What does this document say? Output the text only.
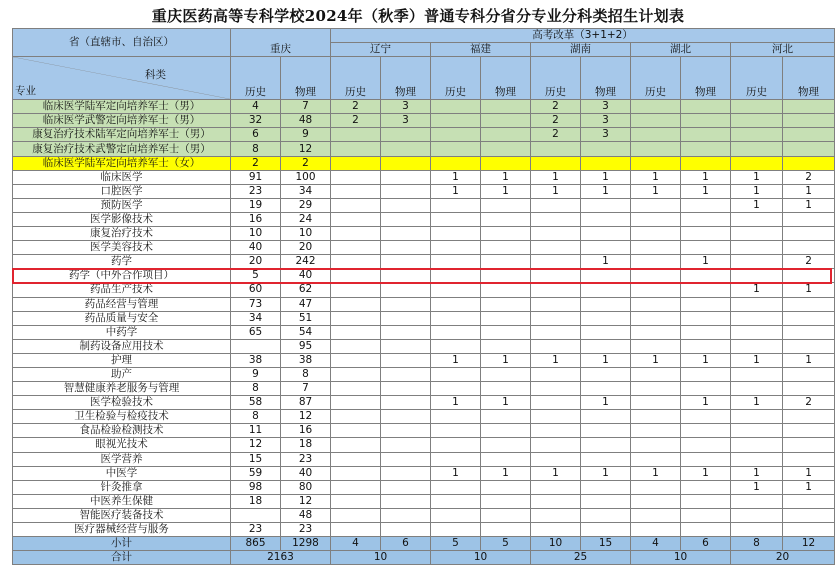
重庆医药高等专科学校2024年（秋季）普通专科分省分专业分科类招生计划表
省（直辖市、自治区）	重庆		高考改革（3+1+2）									
			辽宁		福建		湖南		湖北		河北	

科类
专业	历史	物理	历史	物理	历史	物理	历史	物理	历史	物理	历史	物理
临床医学陆军定向培养军士（男）	4	7	2	3			2	3				
临床医学武警定向培养军士（男）	32	48	2	3			2	3				
康复治疗技术陆军定向培养军士（男）	6	9					2	3				
康复治疗技术武警定向培养军士（男）	8	12										
临床医学陆军定向培养军士（女）	2	2										
临床医学	91	100			1	1	1	1	1	1	1	2
口腔医学	23	34			1	1	1	1	1	1	1	1
预防医学	19	29									1	1
医学影像技术	16	24										
康复治疗技术	10	10										
医学美容技术	40	20										
药学	20	242						1		1		2
药学（中外合作项目）	5	40										
药品生产技术	60	62									1	1
药品经营与管理	73	47										
药品质量与安全	34	51										
中药学	65	54										
制药设备应用技术		95										
护理	38	38			1	1	1	1	1	1	1	1
助产	9	8										
智慧健康养老服务与管理	8	7										
医学检验技术	58	87			1	1		1		1	1	2
卫生检验与检疫技术	8	12										
食品检验检测技术	11	16										
眼视光技术	12	18										
医学营养	15	23										
中医学	59	40			1	1	1	1	1	1	1	1
针灸推拿	98	80									1	1
中医养生保健	18	12										
智能医疗装备技术		48										
医疗器械经营与服务	23	23										
小计	865	1298	4	6	5	5	10	15	4	6	8	12
合计	2163		10		10		25		10		20	
